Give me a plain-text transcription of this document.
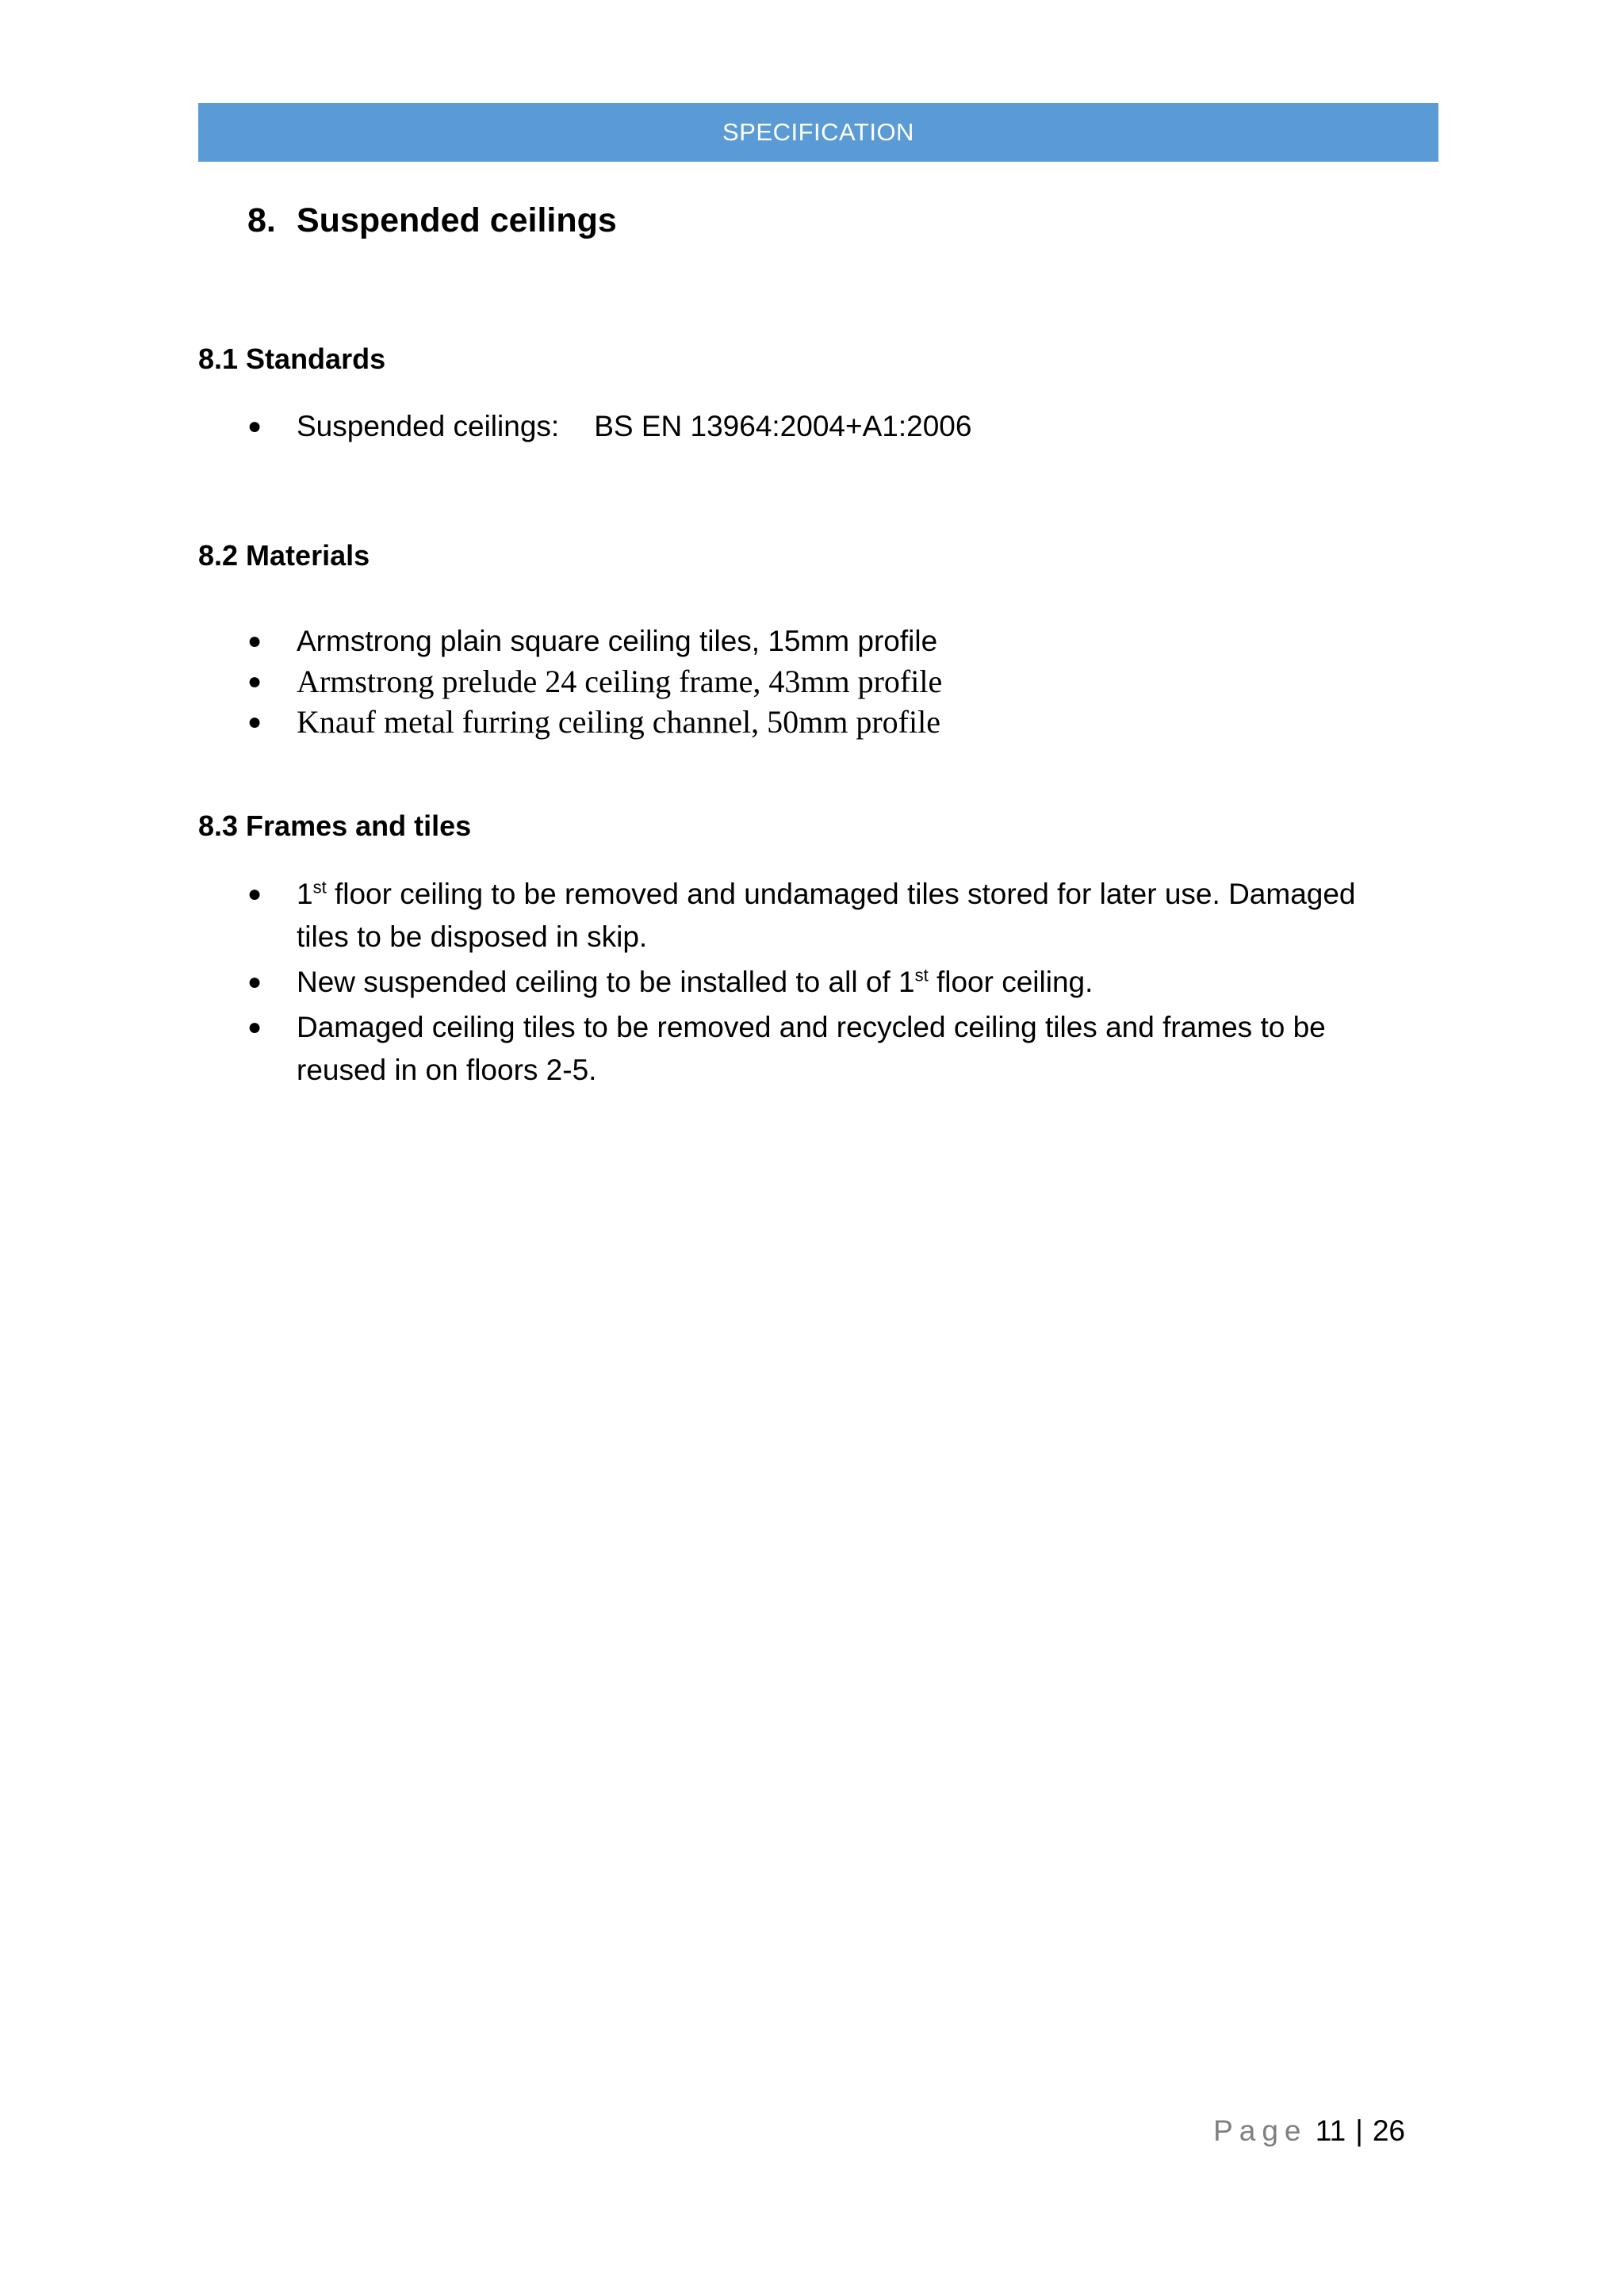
SPECIFICATION
8. Suspended ceilings
8.1 Standards
● Suspended ceilings: BS EN 13964:2004+A1:2006
8.2 Materials
● Armstrong plain square ceiling tiles, 15mm profile
● Armstrong prelude 24 ceiling frame, 43mm profile
● Knauf metal furring ceiling channel, 50mm profile
8.3 Frames and tiles
● 1st floor ceiling to be removed and undamaged tiles stored for later use. Damaged tiles to be disposed in skip.
● New suspended ceiling to be installed to all of 1st floor ceiling.
● Damaged ceiling tiles to be removed and recycled ceiling tiles and frames to be reused in on floors 2-5.
Page 11 | 26
